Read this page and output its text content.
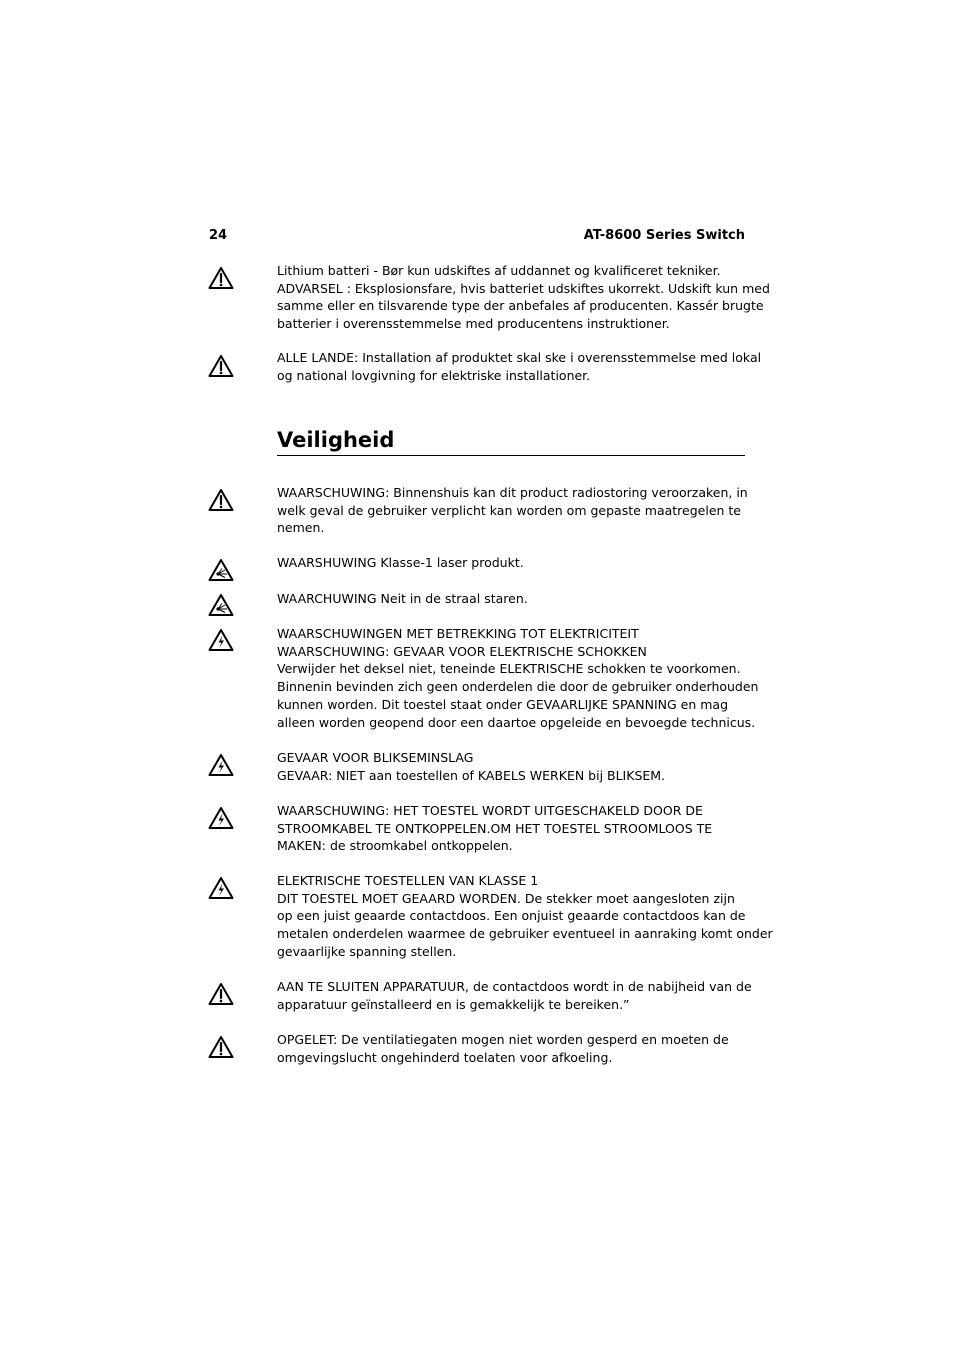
24	AT-8600 Series Switch

Lithium batteri - Bør kun udskiftes af uddannet og kvalificeret tekniker.
ADVARSEL : Eksplosionsfare, hvis batteriet udskiftes ukorrekt. Udskift kun med
samme eller en tilsvarende type der anbefales af producenten. Kassér brugte
batterier i overensstemmelse med producentens instruktioner.

ALLE LANDE: Installation af produktet skal ske i overensstemmelse med lokal
og national lovgivning for elektriske installationer.

Veiligheid

WAARSCHUWING: Binnenshuis kan dit product radiostoring veroorzaken, in
welk geval de gebruiker verplicht kan worden om gepaste maatregelen te
nemen.

WAARSHUWING Klasse-1 laser produkt.

WAARCHUWING Neit in de straal staren.

WAARSCHUWINGEN MET BETREKKING TOT ELEKTRICITEIT
WAARSCHUWING: GEVAAR VOOR ELEKTRISCHE SCHOKKEN
Verwijder het deksel niet, teneinde ELEKTRISCHE schokken te voorkomen.
Binnenin bevinden zich geen onderdelen die door de gebruiker onderhouden
kunnen worden. Dit toestel staat onder GEVAARLIJKE SPANNING en mag
alleen worden geopend door een daartoe opgeleide en bevoegde technicus.

GEVAAR VOOR BLIKSEMINSLAG
GEVAAR: NIET aan toestellen of KABELS WERKEN bij BLIKSEM.

WAARSCHUWING: HET TOESTEL WORDT UITGESCHAKELD DOOR DE
STROOMKABEL TE ONTKOPPELEN.OM HET TOESTEL STROOMLOOS TE
MAKEN: de stroomkabel ontkoppelen.

ELEKTRISCHE TOESTELLEN VAN KLASSE 1
DIT TOESTEL MOET GEAARD WORDEN. De stekker moet aangesloten zijn
op een juist geaarde contactdoos. Een onjuist geaarde contactdoos kan de
metalen onderdelen waarmee de gebruiker eventueel in aanraking komt onder
gevaarlijke spanning stellen.

AAN TE SLUITEN APPARATUUR, de contactdoos wordt in de nabijheid van de
apparatuur geïnstalleerd en is gemakkelijk te bereiken.”

OPGELET: De ventilatiegaten mogen niet worden gesperd en moeten de
omgevingslucht ongehinderd toelaten voor afkoeling.
